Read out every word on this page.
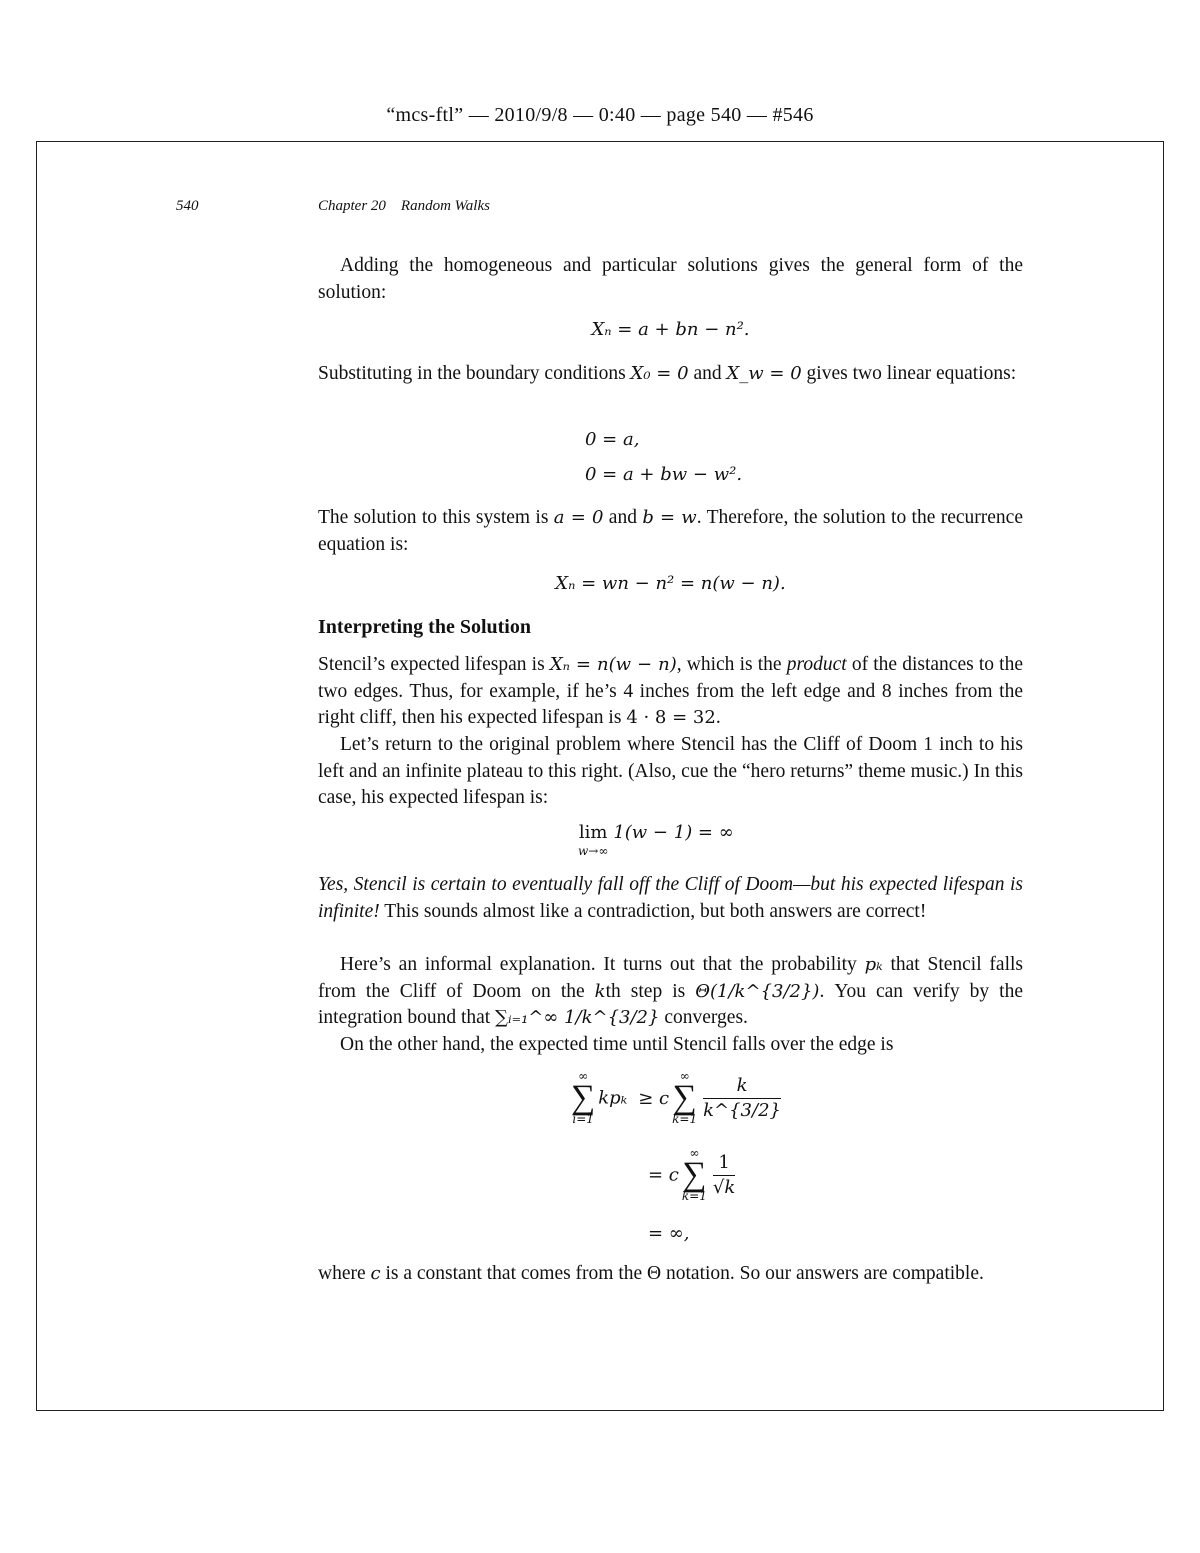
“mcs-ftl” — 2010/9/8 — 0:40 — page 540 — #546
540	Chapter 20    Random Walks
Adding the homogeneous and particular solutions gives the general form of the solution:
Xₙ = a + bn − n².
Substituting in the boundary conditions X₀ = 0 and X_w = 0 gives two linear equations:
0 = a,
0 = a + bw − w².
The solution to this system is a = 0 and b = w. Therefore, the solution to the recurrence equation is:
Xₙ = wn − n² = n(w − n).
Interpreting the Solution
Stencil’s expected lifespan is Xₙ = n(w − n), which is the product of the distances to the two edges. Thus, for example, if he’s 4 inches from the left edge and 8 inches from the right cliff, then his expected lifespan is 4 · 8 = 32.
Let’s return to the original problem where Stencil has the Cliff of Doom 1 inch to his left and an infinite plateau to this right. (Also, cue the “hero returns” theme music.) In this case, his expected lifespan is:
lim
w→∞
1(w − 1) = ∞
Yes, Stencil is certain to eventually fall off the Cliff of Doom—but his expected lifespan is infinite! This sounds almost like a contradiction, but both answers are correct!
Here’s an informal explanation. It turns out that the probability pₖ that Stencil falls from the Cliff of Doom on the kth step is Θ(1/k^{3/2}). You can verify by the integration bound that ∑ᵢ₌₁^∞ 1/k^{3/2} converges.
On the other hand, the expected time until Stencil falls over the edge is
∞
∑
i=1
kpₖ ≥ c
∞
∑
$k=1 \frac{k}{k\^{}\{3/2\}}$
= c
∞
∑
$k=1 \frac{1}{√k}$
= ∞,
where c is a constant that comes from the Θ notation. So our answers are compatible.
